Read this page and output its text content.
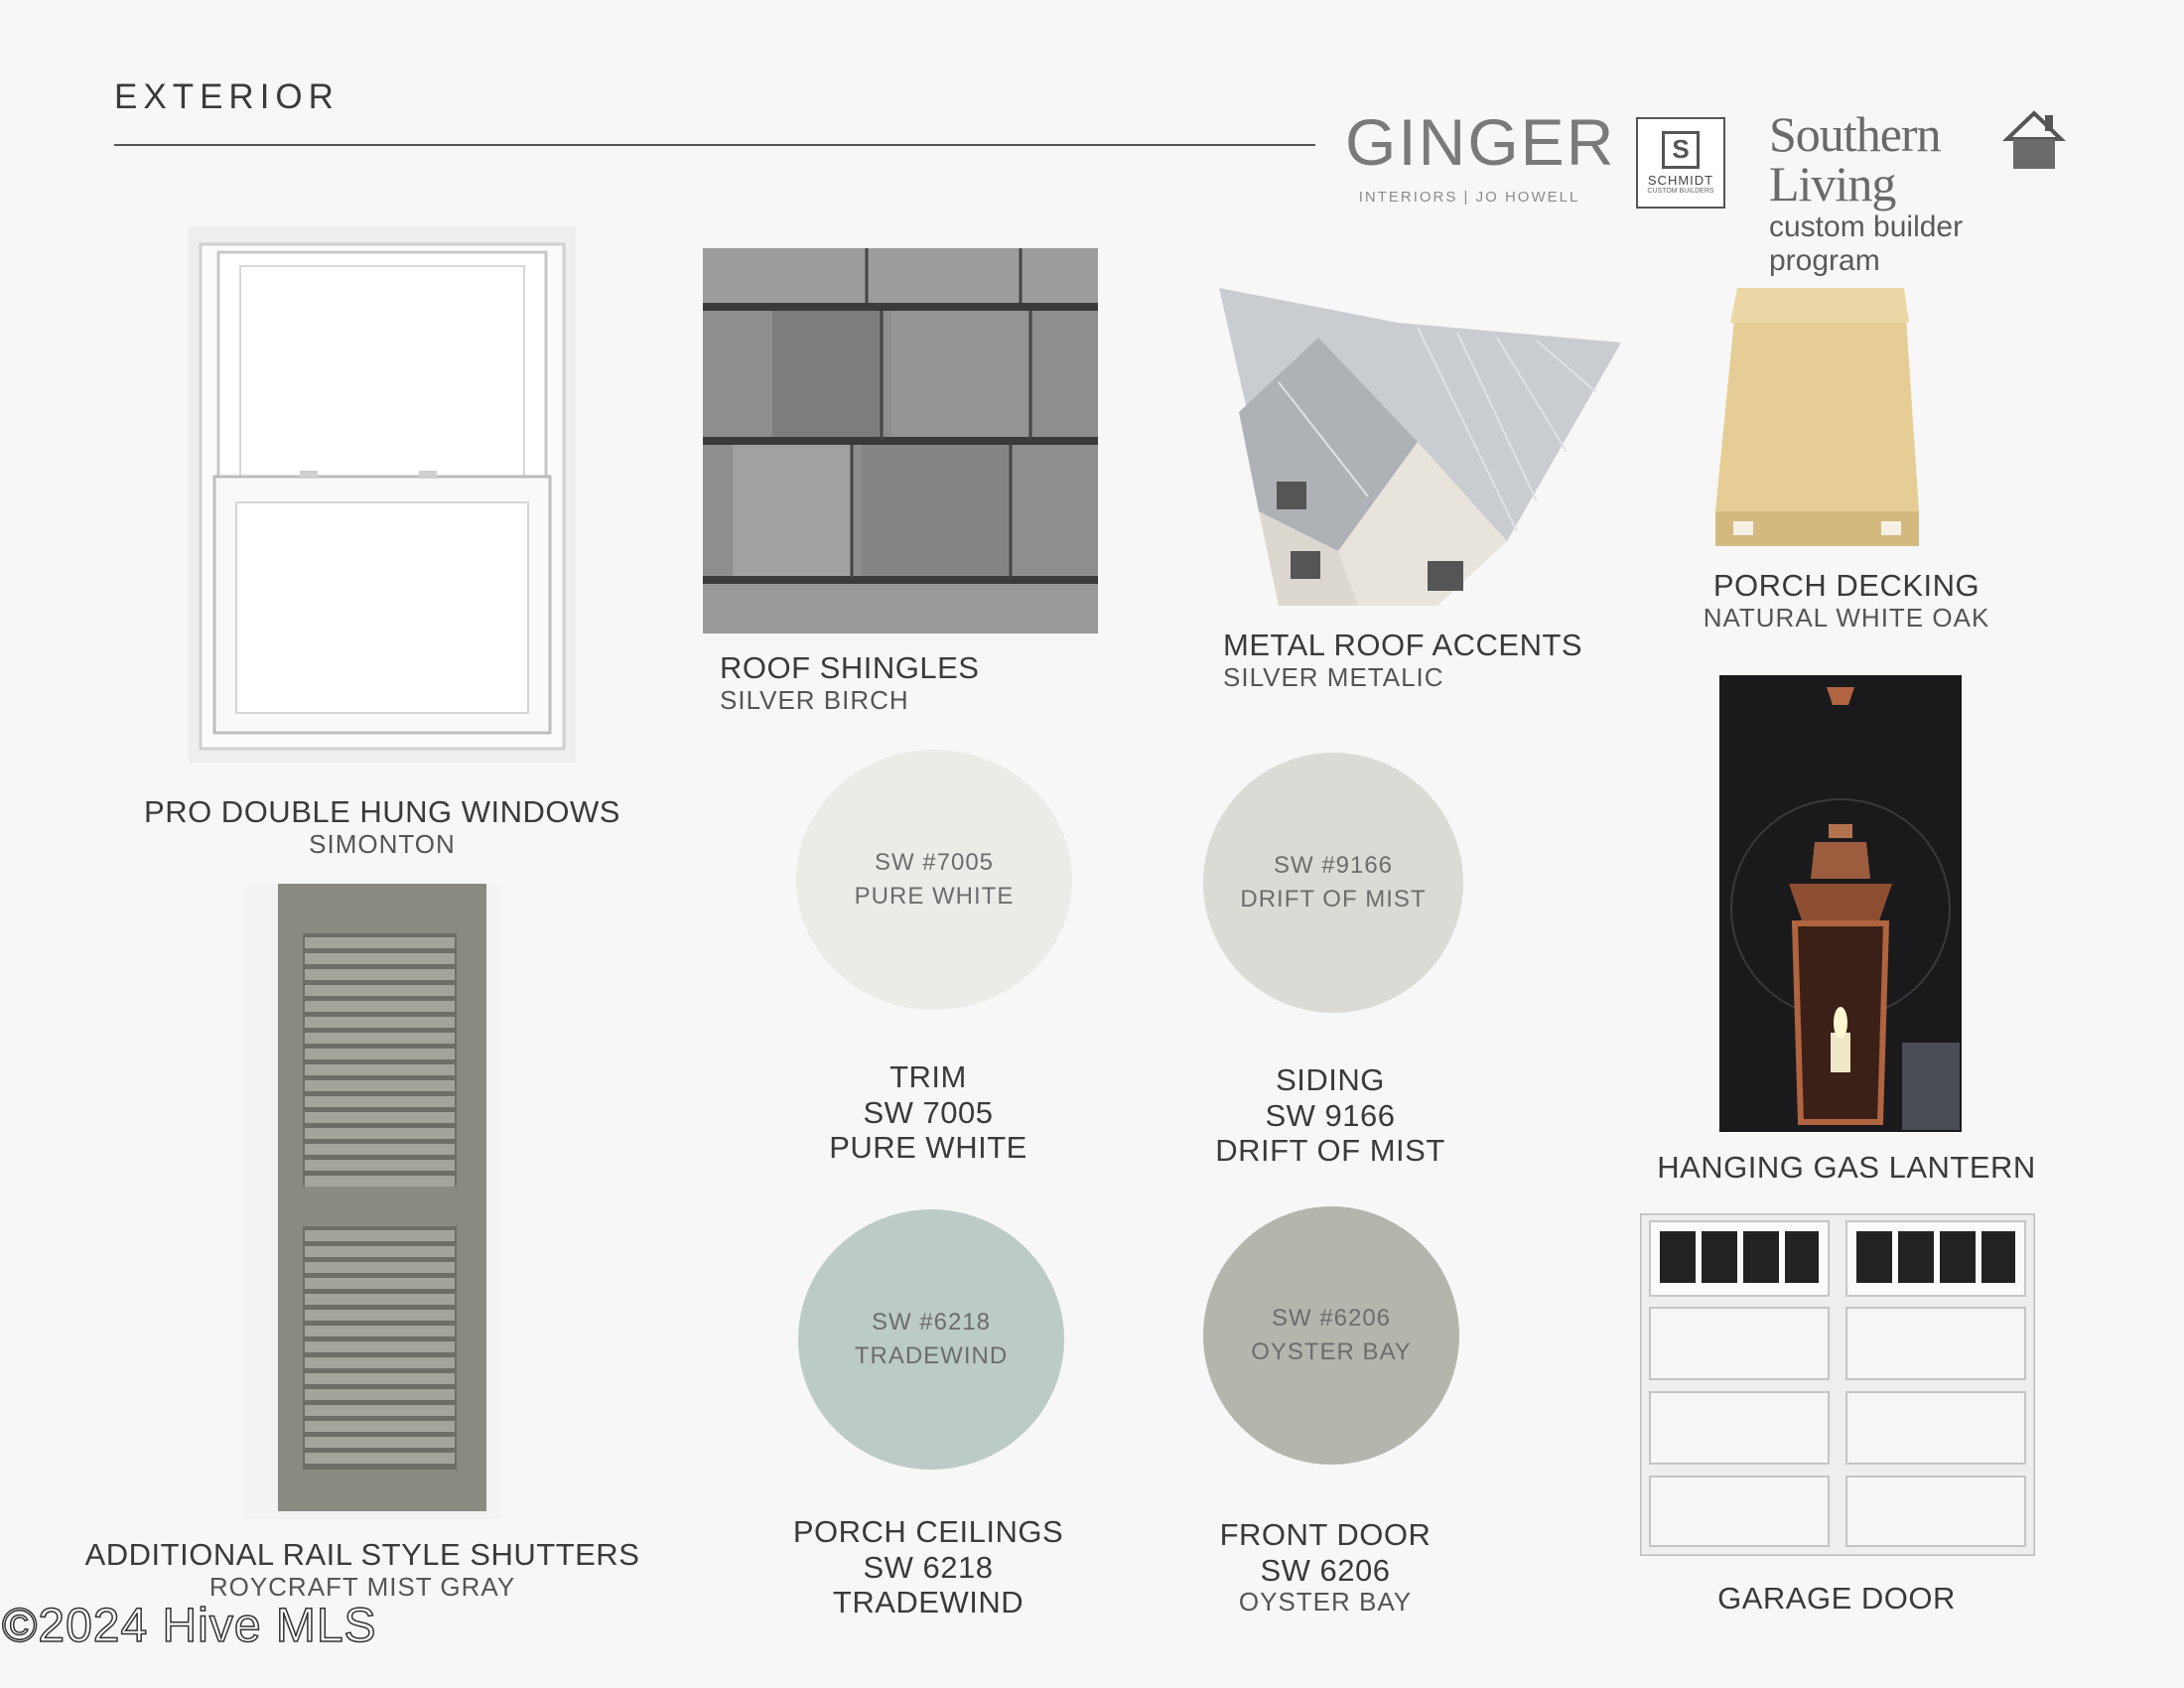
EXTERIOR
GINGER
INTERIORS | JO HOWELL
S
SCHMIDT
CUSTOM BUILDERS
Southern Living
custom builder program
PRO DOUBLE HUNG WINDOWS
SIMONTON
ROOF SHINGLES
SILVER BIRCH
METAL ROOF ACCENTS
SILVER METALIC
PORCH DECKING
NATURAL WHITE OAK
SW #7005
PURE WHITE
TRIM
SW 7005
PURE WHITE
SW #9166
DRIFT OF MIST
SIDING
SW 9166
DRIFT OF MIST	HANGING GAS LANTERN
ADDITIONAL RAIL STYLE SHUTTERS
ROYCRAFT MIST GRAY
SW #6218
TRADEWIND
PORCH CEILINGS
SW 6218
TRADEWIND
SW #6206
OYSTER BAY
FRONT DOOR
SW 6206
OYSTER BAY	GARAGE DOOR
©2024 Hive MLS
